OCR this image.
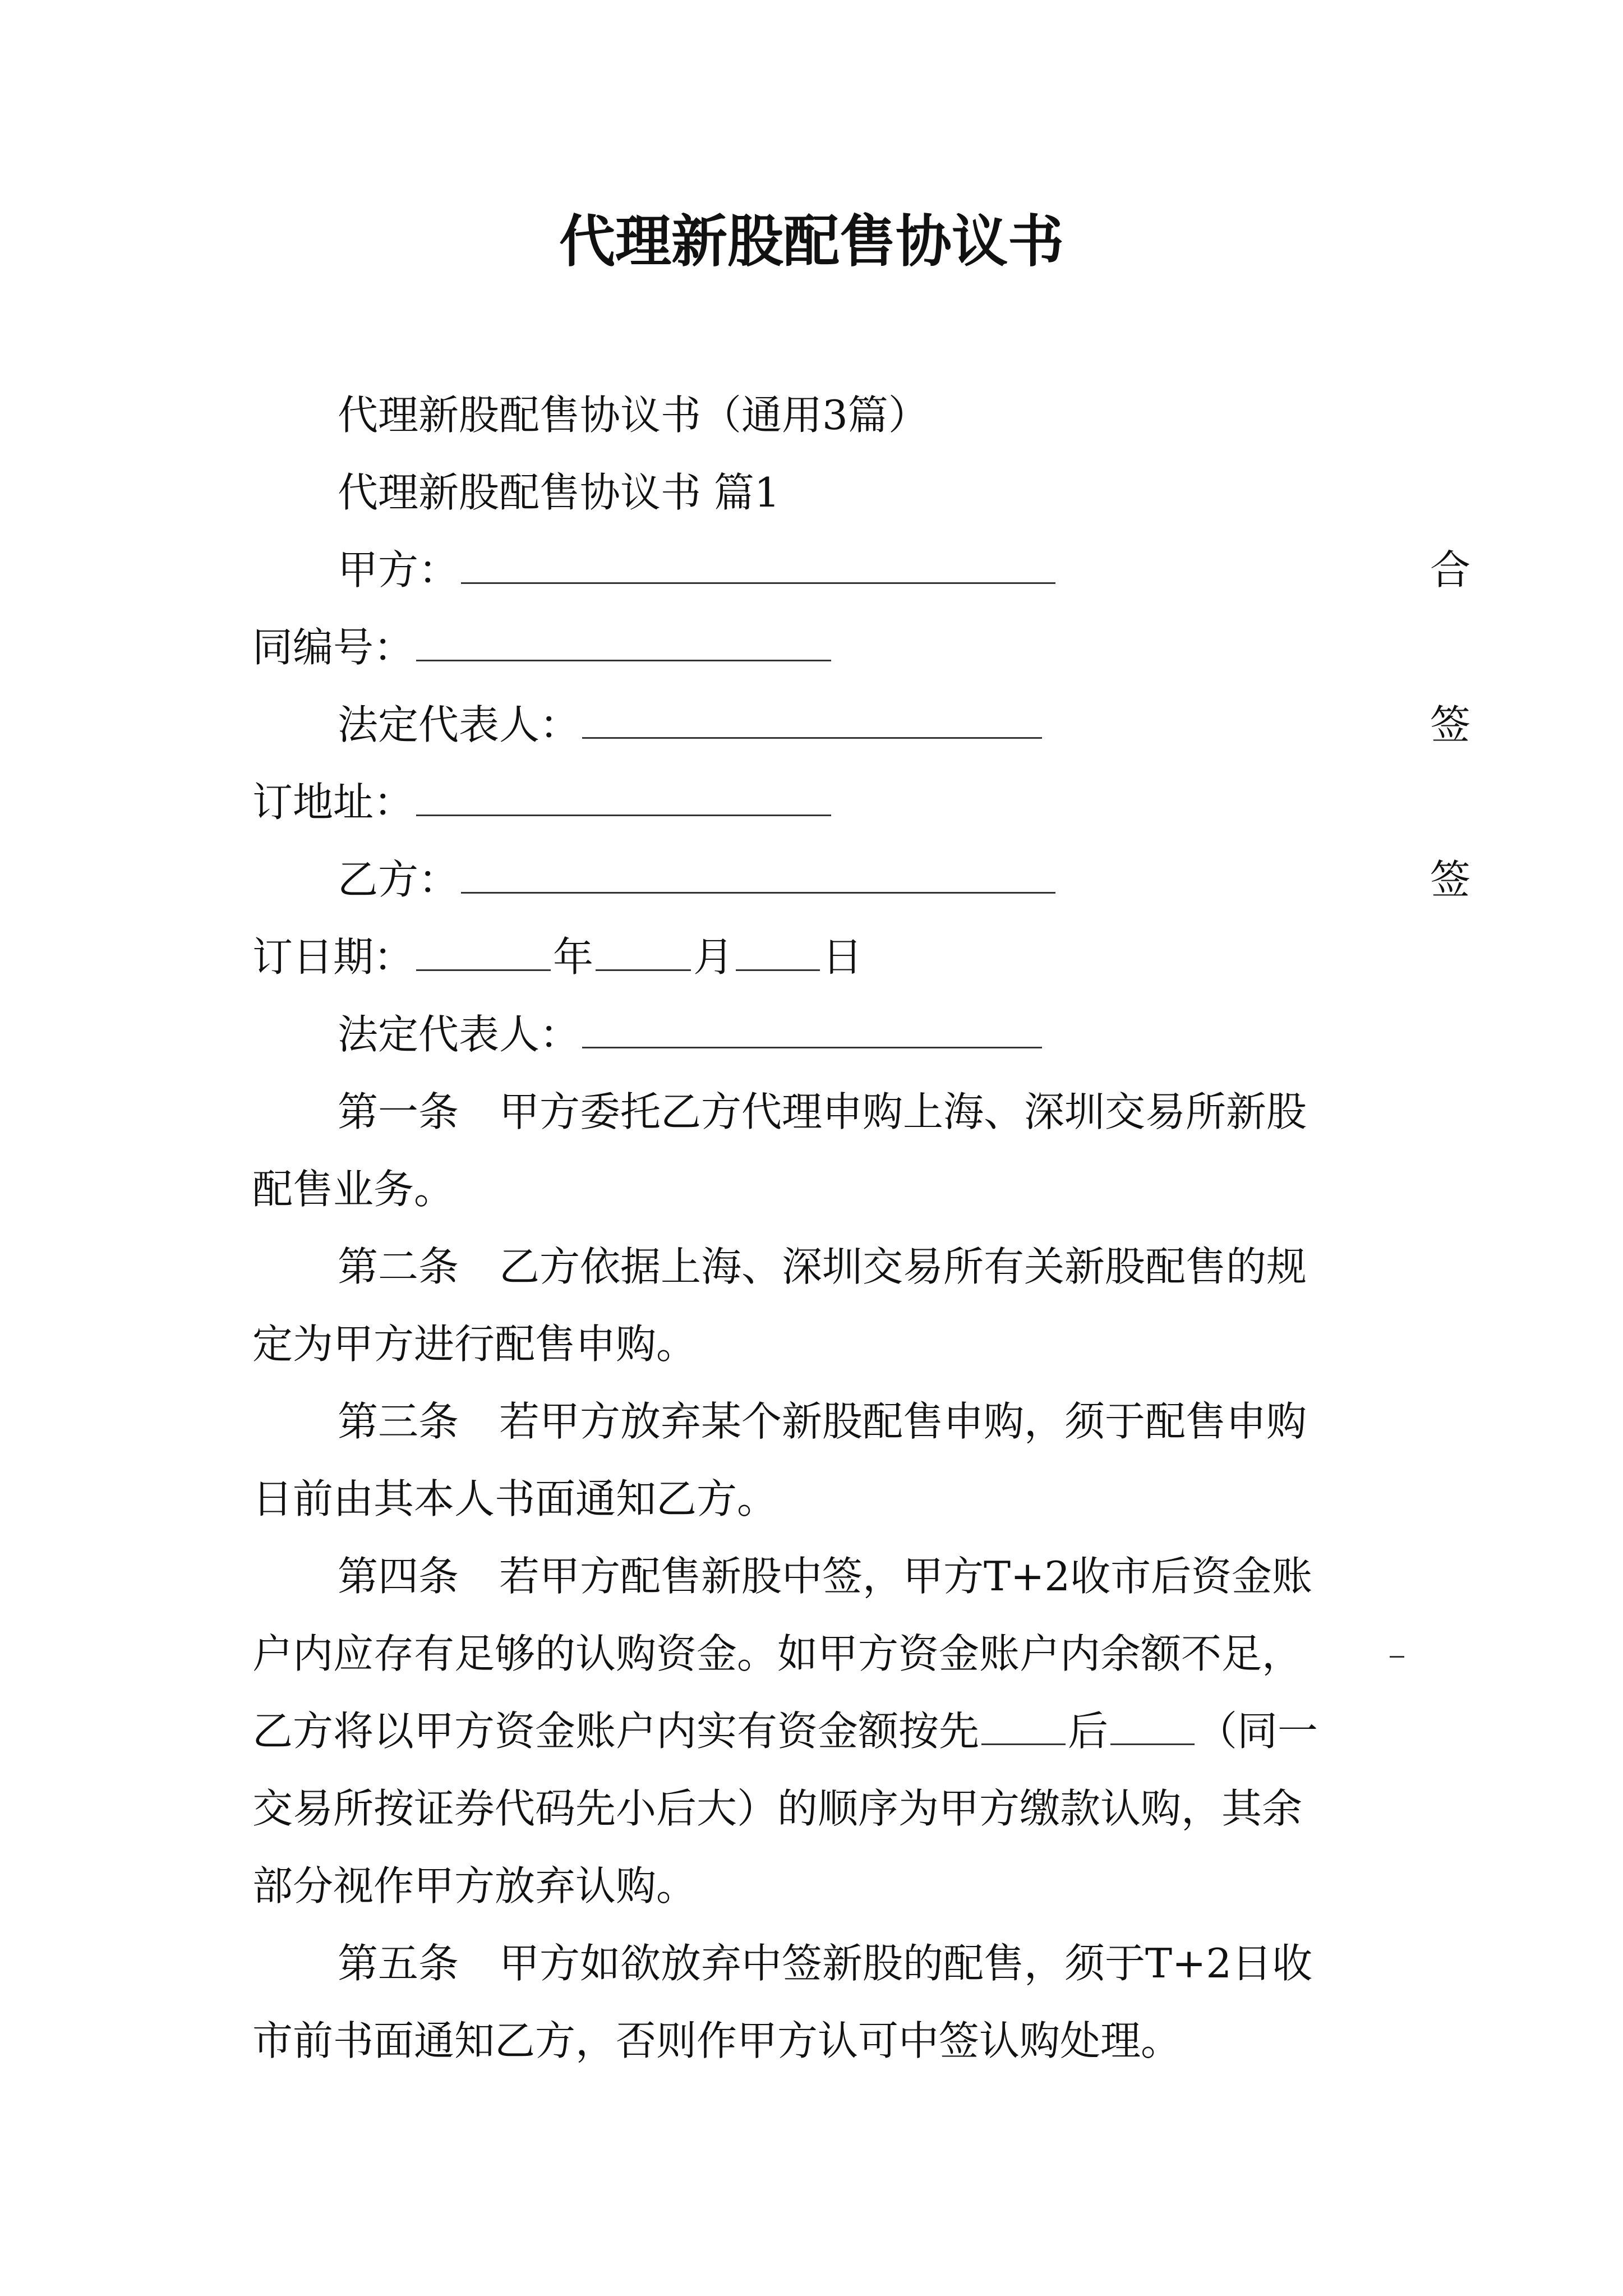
代理新股配售协议书
代理新股配售协议书（通用3篇）
代理新股配售协议书 篇1
甲方：	合
同编号：
法定代表人：	签
订地址：
乙方：	签
订日期：	年 月 日
法定代表人：
第一条 甲方委托乙方代理申购上海、深圳交易所新股
配售业务。
第二条 乙方依据上海、深圳交易所有关新股配售的规
定为甲方进行配售申购。
第三条 若甲方放弃某个新股配售申购，须于配售申购
日前由其本人书面通知乙方。
第四条 若甲方配售新股中签，甲方T+2收市后资金账
户内应存有足够的认购资金。如甲方资金账户内余额不足，
乙方将以甲方资金账户内实有资金额按先 后 （同一
交易所按证券代码先小后大）的顺序为甲方缴款认购，其余
部分视作甲方放弃认购。
第五条 甲方如欲放弃中签新股的配售，须于T+2日收
市前书面通知乙方，否则作甲方认可中签认购处理。
